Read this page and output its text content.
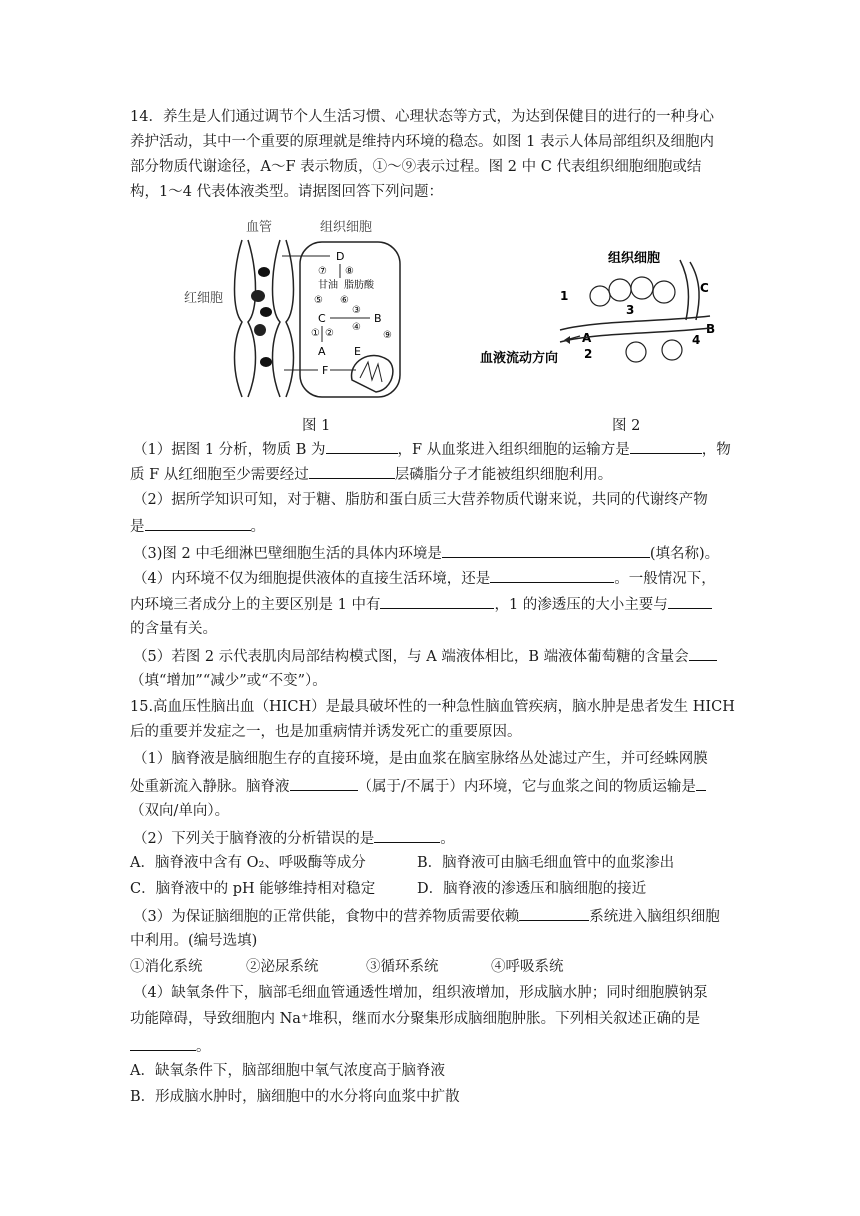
14．养生是人们通过调节个人生活习惯、心理状态等方式，为达到保健目的进行的一种身心
养护活动，其中一个重要的原理就是维持内环境的稳态。如图 1 表示人体局部组织及细胞内
部分物质代谢途径，A～F 表示物质，①～⑨表示过程。图 2 中 C 代表组织细胞细胞或结
构，1～4 代表体液类型。请据图回答下列问题：
血管	组织细胞
红细胞
D
⑦ ⑧
甘油 脂肪酸
⑤ ⑥
③
C	B
④
① ②	⑨
A	E
F
图 1
组织细胞
1
3
C
B
4
A
2
血液流动方向
图 2
（1）据图 1 分析，物质 B 为	，F 从血浆进入组织细胞的运输方是	，物
质 F 从红细胞至少需要经过	层磷脂分子才能被组织细胞利用。
（2）据所学知识可知，对于糖、脂肪和蛋白质三大营养物质代谢来说，共同的代谢终产物
是	。
（3)图 2 中毛细淋巴壁细胞生活的具体内环境是	(填名称)。
（4）内环境不仅为细胞提供液体的直接生活环境，还是	。一般情况下，
内环境三者成分上的主要区别是 1 中有	，1 的渗透压的大小主要与
的含量有关。
（5）若图 2 示代表肌肉局部结构模式图，与 A 端液体相比，B 端液体葡萄糖的含量会
（填“增加”“减少”或“不变”）。
15.高血压性脑出血（HICH）是最具破坏性的一种急性脑血管疾病，脑水肿是患者发生 HICH
后的重要并发症之一，也是加重病情并诱发死亡的重要原因。
（1）脑脊液是脑细胞生存的直接环境，是由血浆在脑室脉络丛处滤过产生，并可经蛛网膜
处重新流入静脉。脑脊液	（属于/不属于）内环境，它与血浆之间的物质运输是
（双向/单向）。
（2）下列关于脑脊液的分析错误的是	。
A．脑脊液中含有 O₂、呼吸酶等成分	B．脑脊液可由脑毛细血管中的血浆渗出
C．脑脊液中的 pH 能够维持相对稳定	D．脑脊液的渗透压和脑细胞的接近
（3）为保证脑细胞的正常供能，食物中的营养物质需要依赖	系统进入脑组织细胞
中利用。(编号选填)
①消化系统	②泌尿系统	③循环系统	④呼吸系统
（4）缺氧条件下，脑部毛细血管通透性增加，组织液增加，形成脑水肿；同时细胞膜钠泵
功能障碍，导致细胞内 Na⁺堆积，继而水分聚集形成脑细胞肿胀。下列相关叙述正确的是
。
A．缺氧条件下，脑部细胞中氧气浓度高于脑脊液
B．形成脑水肿时，脑细胞中的水分将向血浆中扩散
